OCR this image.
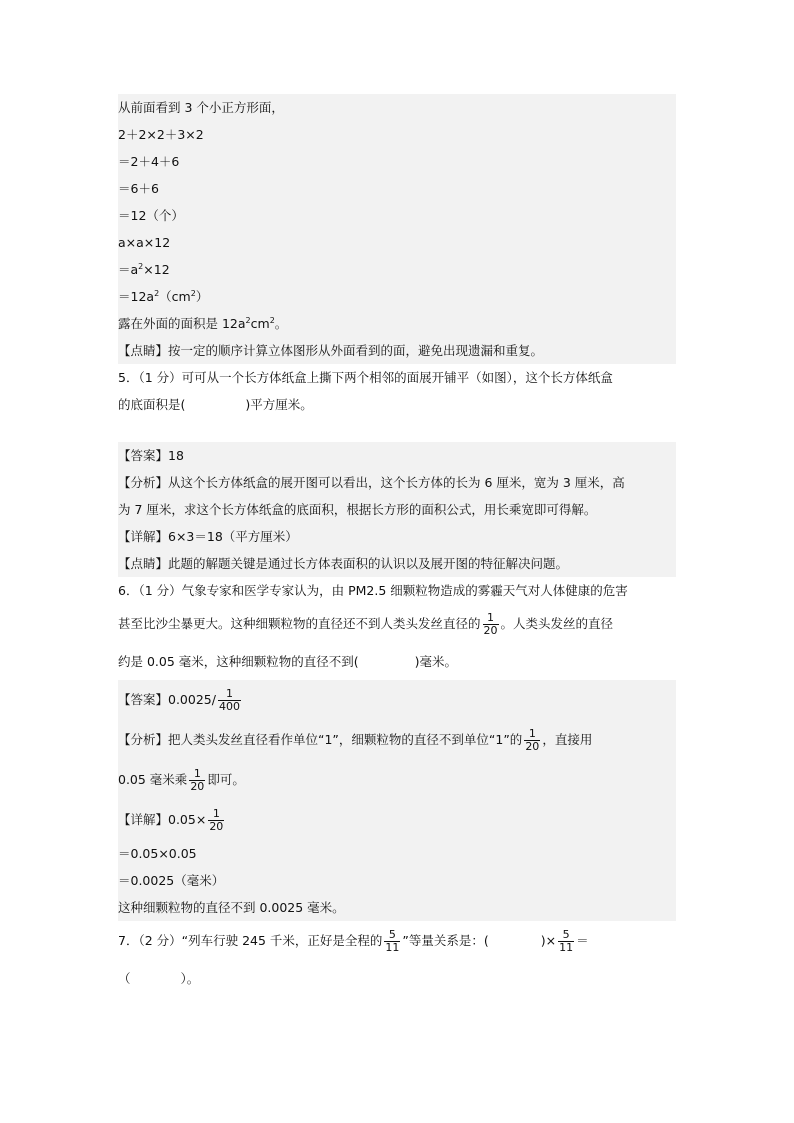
从前面看到 3 个小正方形面，
2＋2×2＋3×2
＝2＋4＋6
＝6＋6
＝12（个）
a×a×12
$=a^2\times 12$
$=12a^2(cm^2)$
露在外面的面积是 $12a^2cm^2$。
【点睛】按一定的顺序计算立体图形从外面看到的面，避免出现遗漏和重复。
5．（1 分）可可从一个长方体纸盒上撕下两个相邻的面展开铺平（如图），这个长方体纸盒
的底面积是(	)平方厘米。
【答案】18
【分析】从这个长方体纸盒的展开图可以看出，这个长方体的长为 6 厘米，宽为 3 厘米，高
为 7 厘米，求这个长方体纸盒的底面积，根据长方形的面积公式，用长乘宽即可得解。
【详解】6×3＝18（平方厘米）
【点睛】此题的解题关键是通过长方体表面积的认识以及展开图的特征解决问题。
6．（1 分）气象专家和医学专家认为，由 PM2.5 细颗粒物造成的雾霾天气对人体健康的危害
甚至比沙尘暴更大。这种细颗粒物的直径还不到人类头发丝直径的 $\frac{1}{20}$ 。人类头发丝的直径
约是 0.05 毫米，这种细颗粒物的直径不到(	)毫米。
【答案】$0.0025/ \frac{1}{400}$
【分析】把人类头发丝直径看作单位“1”，细颗粒物的直径不到单位“1”的 $\frac{1}{20}$ ，直接用
0.05 毫米乘 $\frac{1}{20}$ 即可。
【详解】$0.05\times \frac{1}{20}$
＝0.05×0.05
＝0.0025（毫米）
这种细颗粒物的直径不到 0.0025 毫米。
7．（2 分）“列车行驶 245 千米，正好是全程的 $\frac{5}{11}$ ”等量关系是：(	)× $\frac{5}{11}$ ＝
（　　　　）。
